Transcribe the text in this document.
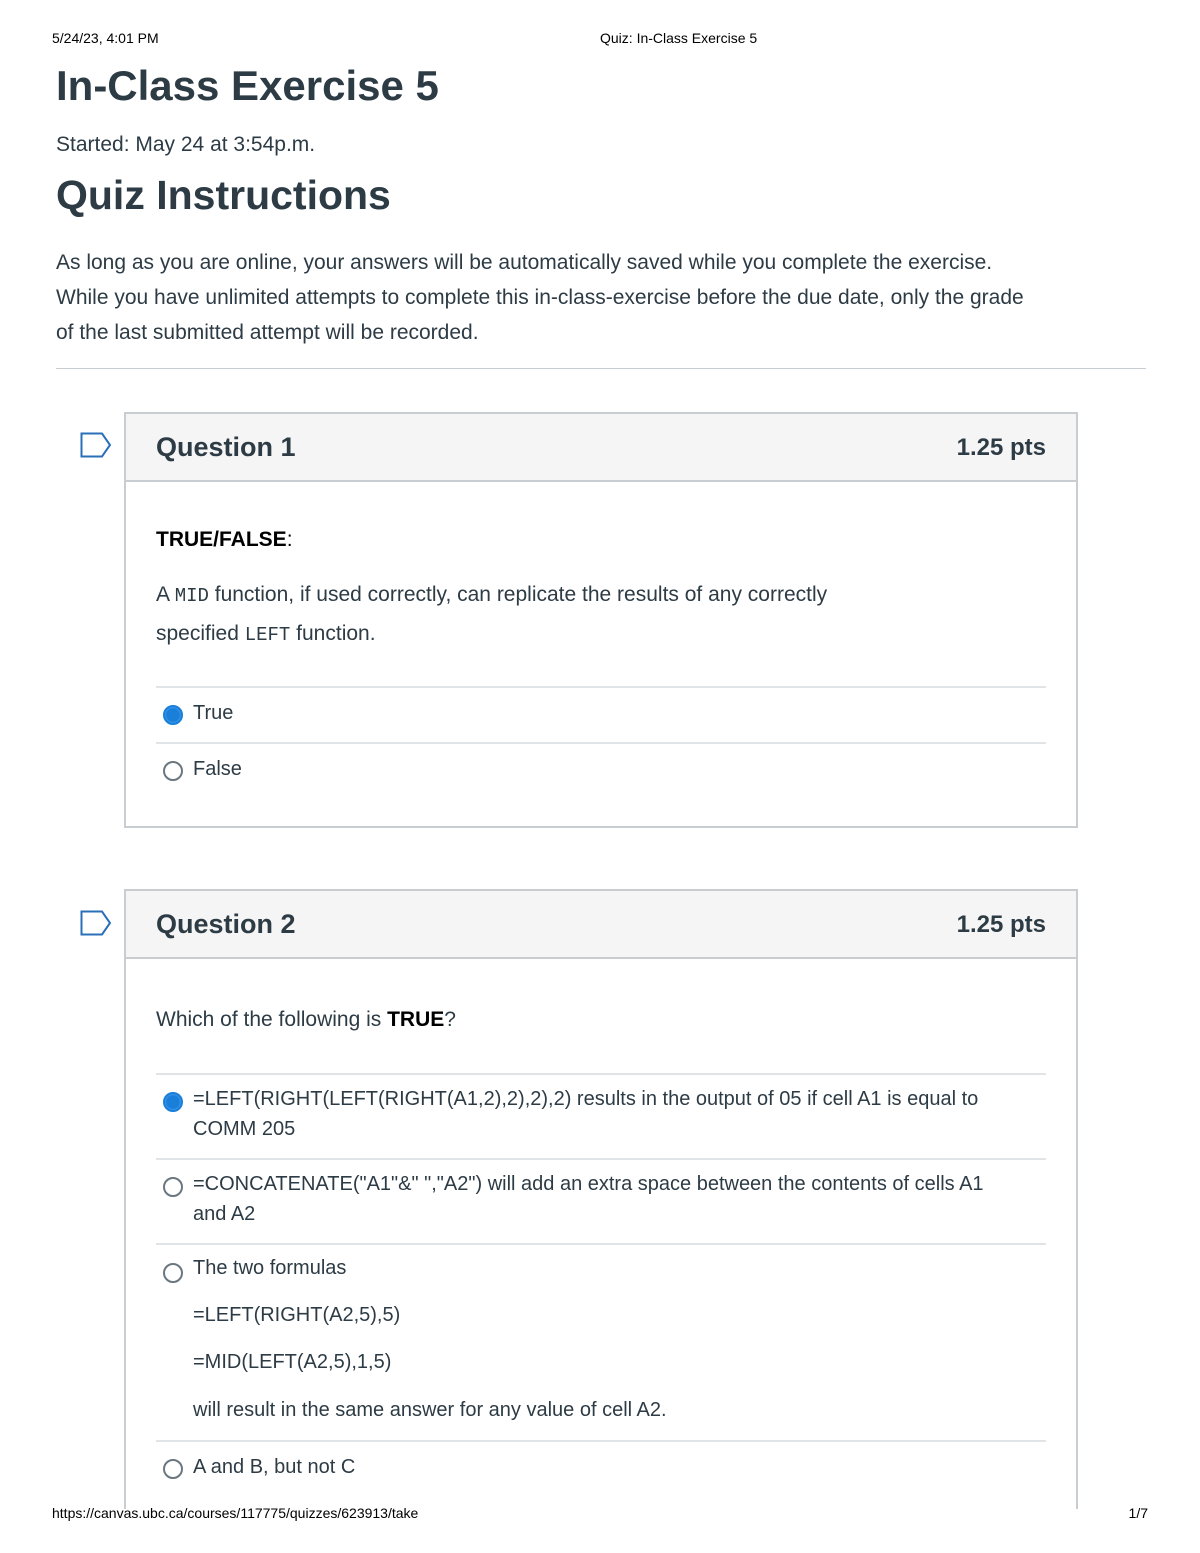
5/24/23, 4:01 PM	Quiz: In-Class Exercise 5
In-Class Exercise 5
Started: May 24 at 3:54p.m.
Quiz Instructions

As long as you are online, your answers will be automatically saved while you complete the exercise.

While you have unlimited attempts to complete this in-class-exercise before the due date, only the grade

of the last submitted attempt will be recorded.

Question 1	1.25 pts
TRUE/FALSE:
A MID function, if used correctly, can replicate the results of any correctly
specified LEFT function.
True
False
Question 2	1.25 pts
Which of the following is TRUE?
=LEFT(RIGHT(LEFT(RIGHT(A1,2),2),2),2) results in the output of 05 if cell A1 is equal to
COMM 205
=CONCATENATE("A1"&" ","A2") will add an extra space between the contents of cells A1
and A2
The two formulas
=LEFT(RIGHT(A2,5),5)
=MID(LEFT(A2,5),1,5)
will result in the same answer for any value of cell A2.
A and B, but not C
https://canvas.ubc.ca/courses/117775/quizzes/623913/take	1/7
